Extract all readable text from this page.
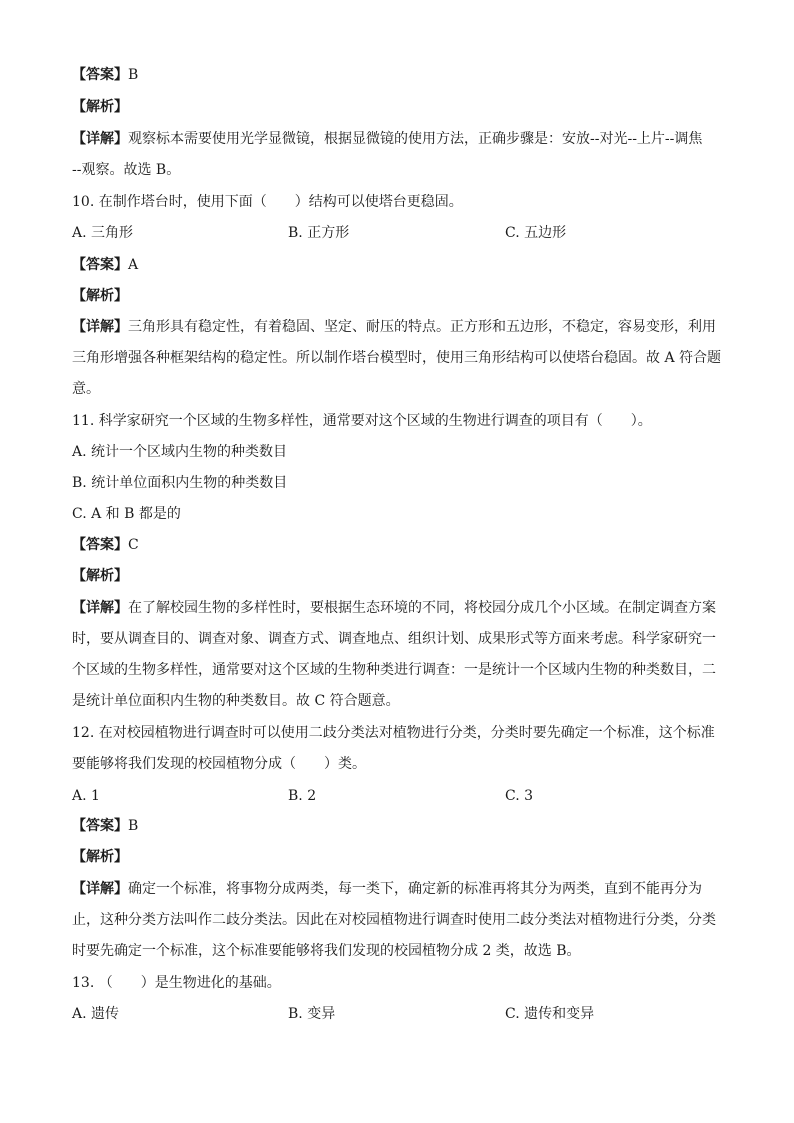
【答案】B
【解析】
【详解】观察标本需要使用光学显微镜，根据显微镜的使用方法，正确步骤是：安放--对光--上片--调焦
--观察。故选 B。
10. 在制作塔台时，使用下面（　　）结构可以使塔台更稳固。
A. 三角形	B. 正方形	C. 五边形
【答案】A
【解析】
【详解】三角形具有稳定性，有着稳固、坚定、耐压的特点。正方形和五边形，不稳定，容易变形，利用
三角形增强各种框架结构的稳定性。所以制作塔台模型时，使用三角形结构可以使塔台稳固。故 A 符合题
意。
11. 科学家研究一个区域的生物多样性，通常要对这个区域的生物进行调查的项目有（　　）。
A. 统计一个区域内生物的种类数目
B. 统计单位面积内生物的种类数目
C. A 和 B 都是的
【答案】C
【解析】
【详解】在了解校园生物的多样性时，要根据生态环境的不同，将校园分成几个小区域。在制定调查方案
时，要从调查目的、调查对象、调查方式、调查地点、组织计划、成果形式等方面来考虑。科学家研究一
个区域的生物多样性，通常要对这个区域的生物种类进行调查：一是统计一个区域内生物的种类数目，二
是统计单位面积内生物的种类数目。故 C 符合题意。
12. 在对校园植物进行调查时可以使用二歧分类法对植物进行分类，分类时要先确定一个标准，这个标准
要能够将我们发现的校园植物分成（　　）类。
A. 1	B. 2	C. 3
【答案】B
【解析】
【详解】确定一个标准，将事物分成两类，每一类下，确定新的标准再将其分为两类，直到不能再分为
止，这种分类方法叫作二歧分类法。因此在对校园植物进行调查时使用二歧分类法对植物进行分类，分类
时要先确定一个标准，这个标准要能够将我们发现的校园植物分成 2 类，故选 B。
13. （　　）是生物进化的基础。
A. 遗传	B. 变异	C. 遗传和变异
